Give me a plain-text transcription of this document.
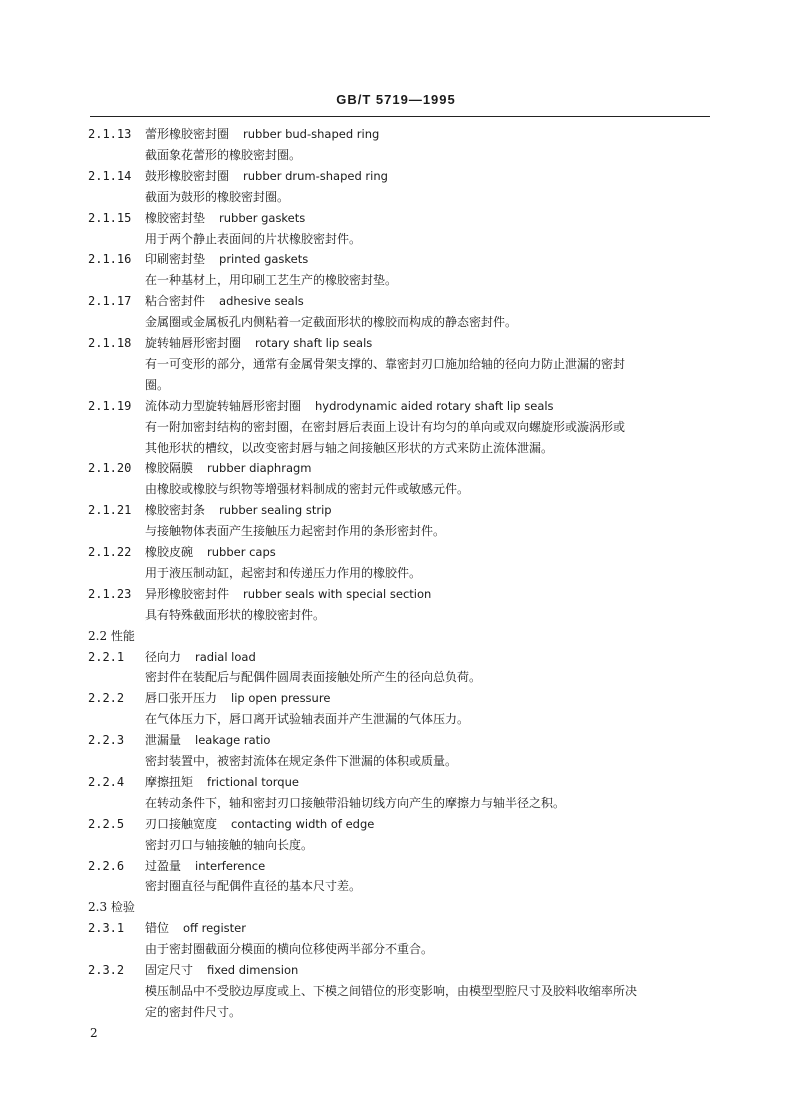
GB/T 5719—1995
2.1.13 蕾形橡胶密封圈 rubber bud-shaped ring
截面象花蕾形的橡胶密封圈。
2.1.14 鼓形橡胶密封圈 rubber drum-shaped ring
截面为鼓形的橡胶密封圈。
2.1.15 橡胶密封垫 rubber gaskets
用于两个静止表面间的片状橡胶密封件。
2.1.16 印刷密封垫 printed gaskets
在一种基材上，用印刷工艺生产的橡胶密封垫。
2.1.17 粘合密封件 adhesive seals
金属圈或金属板孔内侧粘着一定截面形状的橡胶而构成的静态密封件。
2.1.18 旋转轴唇形密封圈 rotary shaft lip seals
有一可变形的部分，通常有金属骨架支撑的、靠密封刃口施加给轴的径向力防止泄漏的密封
圈。
2.1.19 流体动力型旋转轴唇形密封圈 hydrodynamic aided rotary shaft lip seals
有一附加密封结构的密封圈，在密封唇后表面上设计有均匀的单向或双向螺旋形或漩涡形或
其他形状的槽纹，以改变密封唇与轴之间接触区形状的方式来防止流体泄漏。
2.1.20 橡胶隔膜 rubber diaphragm
由橡胶或橡胶与织物等增强材料制成的密封元件或敏感元件。
2.1.21 橡胶密封条 rubber sealing strip
与接触物体表面产生接触压力起密封作用的条形密封件。
2.1.22 橡胶皮碗 rubber caps
用于液压制动缸，起密封和传递压力作用的橡胶件。
2.1.23 异形橡胶密封件 rubber seals with special section
具有特殊截面形状的橡胶密封件。
2.2 性能
2.2.1 径向力 radial load
密封件在装配后与配偶件圆周表面接触处所产生的径向总负荷。
2.2.2 唇口张开压力 lip open pressure
在气体压力下，唇口离开试验轴表面并产生泄漏的气体压力。
2.2.3 泄漏量 leakage ratio
密封装置中，被密封流体在规定条件下泄漏的体积或质量。
2.2.4 摩擦扭矩 frictional torque
在转动条件下，轴和密封刃口接触带沿轴切线方向产生的摩擦力与轴半径之积。
2.2.5 刃口接触宽度 contacting width of edge
密封刃口与轴接触的轴向长度。
2.2.6 过盈量 interference
密封圈直径与配偶件直径的基本尺寸差。
2.3 检验
2.3.1 错位 off register
由于密封圈截面分模面的横向位移使两半部分不重合。
2.3.2 固定尺寸 fixed dimension
模压制品中不受胶边厚度或上、下模之间错位的形变影响，由模型型腔尺寸及胶料收缩率所决
定的密封件尺寸。
2
